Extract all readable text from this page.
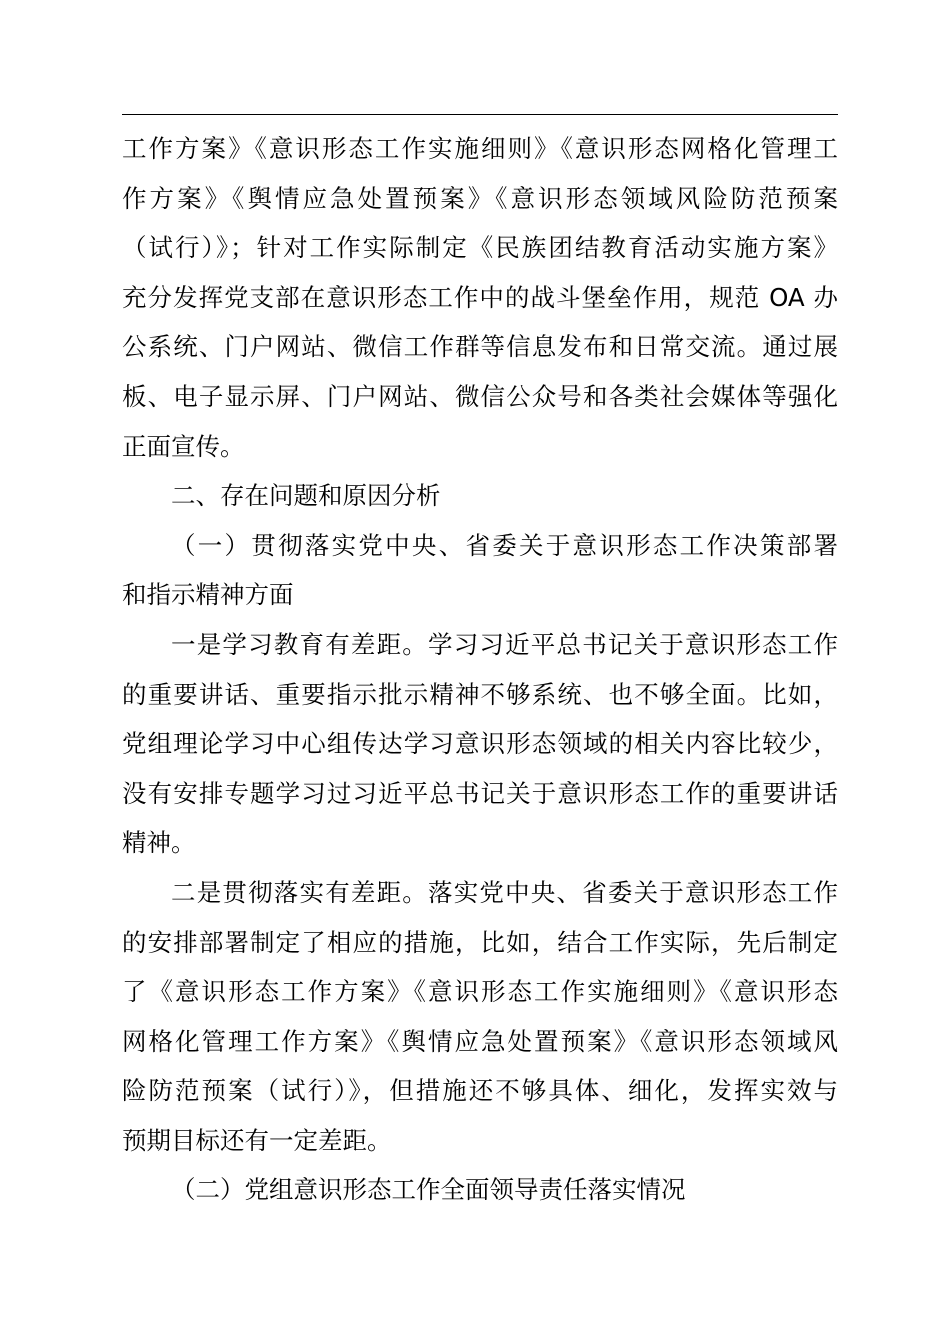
工作方案》《意识形态工作实施细则》《意识形态网格化管理工
作方案》《舆情应急处置预案》《意识形态领域风险防范预案
（试行）》；针对工作实际制定《民族团结教育活动实施方案》
充分发挥党支部在意识形态工作中的战斗堡垒作用，规范 OA 办
公系统、门户网站、微信工作群等信息发布和日常交流。通过展
板、电子显示屏、门户网站、微信公众号和各类社会媒体等强化
正面宣传。
二、存在问题和原因分析
（一）贯彻落实党中央、省委关于意识形态工作决策部署
和指示精神方面
一是学习教育有差距。学习习近平总书记关于意识形态工作
的重要讲话、重要指示批示精神不够系统、也不够全面。比如，
党组理论学习中心组传达学习意识形态领域的相关内容比较少，
没有安排专题学习过习近平总书记关于意识形态工作的重要讲话
精神。
二是贯彻落实有差距。落实党中央、省委关于意识形态工作
的安排部署制定了相应的措施，比如，结合工作实际，先后制定
了《意识形态工作方案》《意识形态工作实施细则》《意识形态
网格化管理工作方案》《舆情应急处置预案》《意识形态领域风
险防范预案（试行）》，但措施还不够具体、细化，发挥实效与
预期目标还有一定差距。
（二）党组意识形态工作全面领导责任落实情况
